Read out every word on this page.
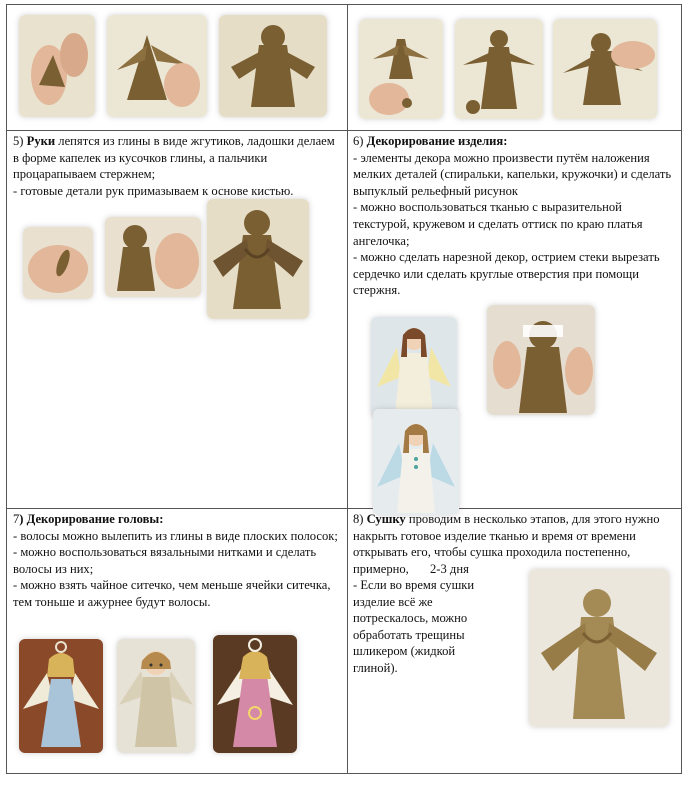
5) Руки лепятся из глины в виде жгутиков, ладошки делаем в форме капелек из кусочков глины, а пальчики процарапываем стержнем;
- готовые детали рук примазываем к основе кистью.
6) Декорирование изделия:
- элементы декора можно произвести путём наложения мелких деталей (спиральки, капельки, кружочки) и сделать выпуклый рельефный рисунок
- можно воспользоваться тканью с выразительной текстурой, кружевом и сделать оттиск по краю платья ангелочка;
- можно сделать нарезной декор, острием стеки вырезать сердечко или сделать круглые отверстия при помощи стержня.
7) Декорирование головы:
- волосы можно вылепить из глины в виде плоских полосок;
- можно воспользоваться вязальными нитками и сделать волосы из них;
- можно взять чайное ситечко, чем меньше ячейки ситечка, тем тоньше и ажурнее будут волосы.
8) Сушку проводим в несколько этапов, для этого нужно накрыть готовое изделие тканью и время от времени открывать его, чтобы сушка проходила постепенно, примерно, 2-3 дня
- Если во время сушки изделие всё же потрескалось, можно обработать трещины шликером (жидкой глиной).
